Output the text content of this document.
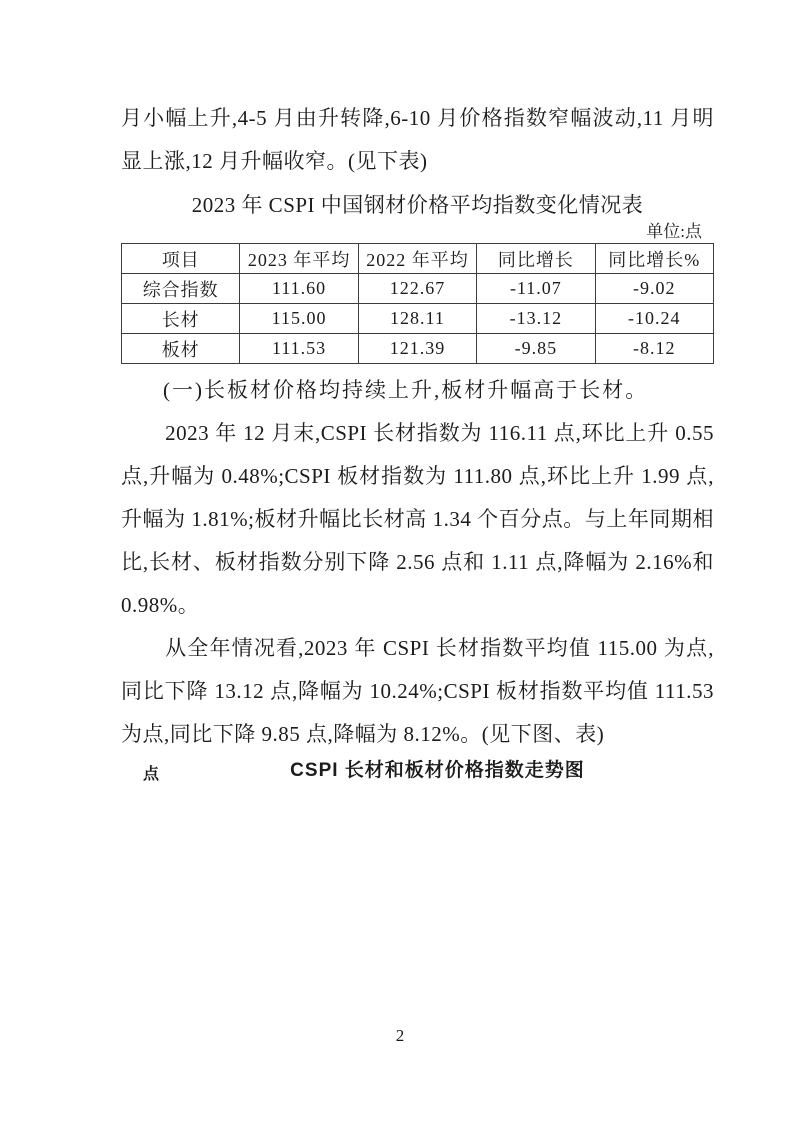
月小幅上升,4-5 月由升转降,6-10 月价格指数窄幅波动,11 月明显上涨,12 月升幅收窄。(见下表)

2023 年 CSPI 中国钢材价格平均指数变化情况表
单位:点
项目	2023 年平均	2022 年平均	同比增长	同比增长%
综合指数	111.60	122.67	-11.07	-9.02
长材	115.00	128.11	-13.12	-10.24
板材	111.53	121.39	-9.85	-8.12

(一)长板材价格均持续上升,板材升幅高于长材。

2023 年 12 月末,CSPI 长材指数为 116.11 点,环比上升 0.55 点,升幅为 0.48%;CSPI 板材指数为 111.80 点,环比上升 1.99 点,升幅为 1.81%;板材升幅比长材高 1.34 个百分点。与上年同期相比,长材、板材指数分别下降 2.56 点和 1.11 点,降幅为 2.16%和 0.98%。

从全年情况看,2023 年 CSPI 长材指数平均值 115.00 为点,同比下降 13.12 点,降幅为 10.24%;CSPI 板材指数平均值 111.53 为点,同比下降 9.85 点,降幅为 8.12%。(见下图、表)

点	CSPI 长材和板材价格指数走势图
2
